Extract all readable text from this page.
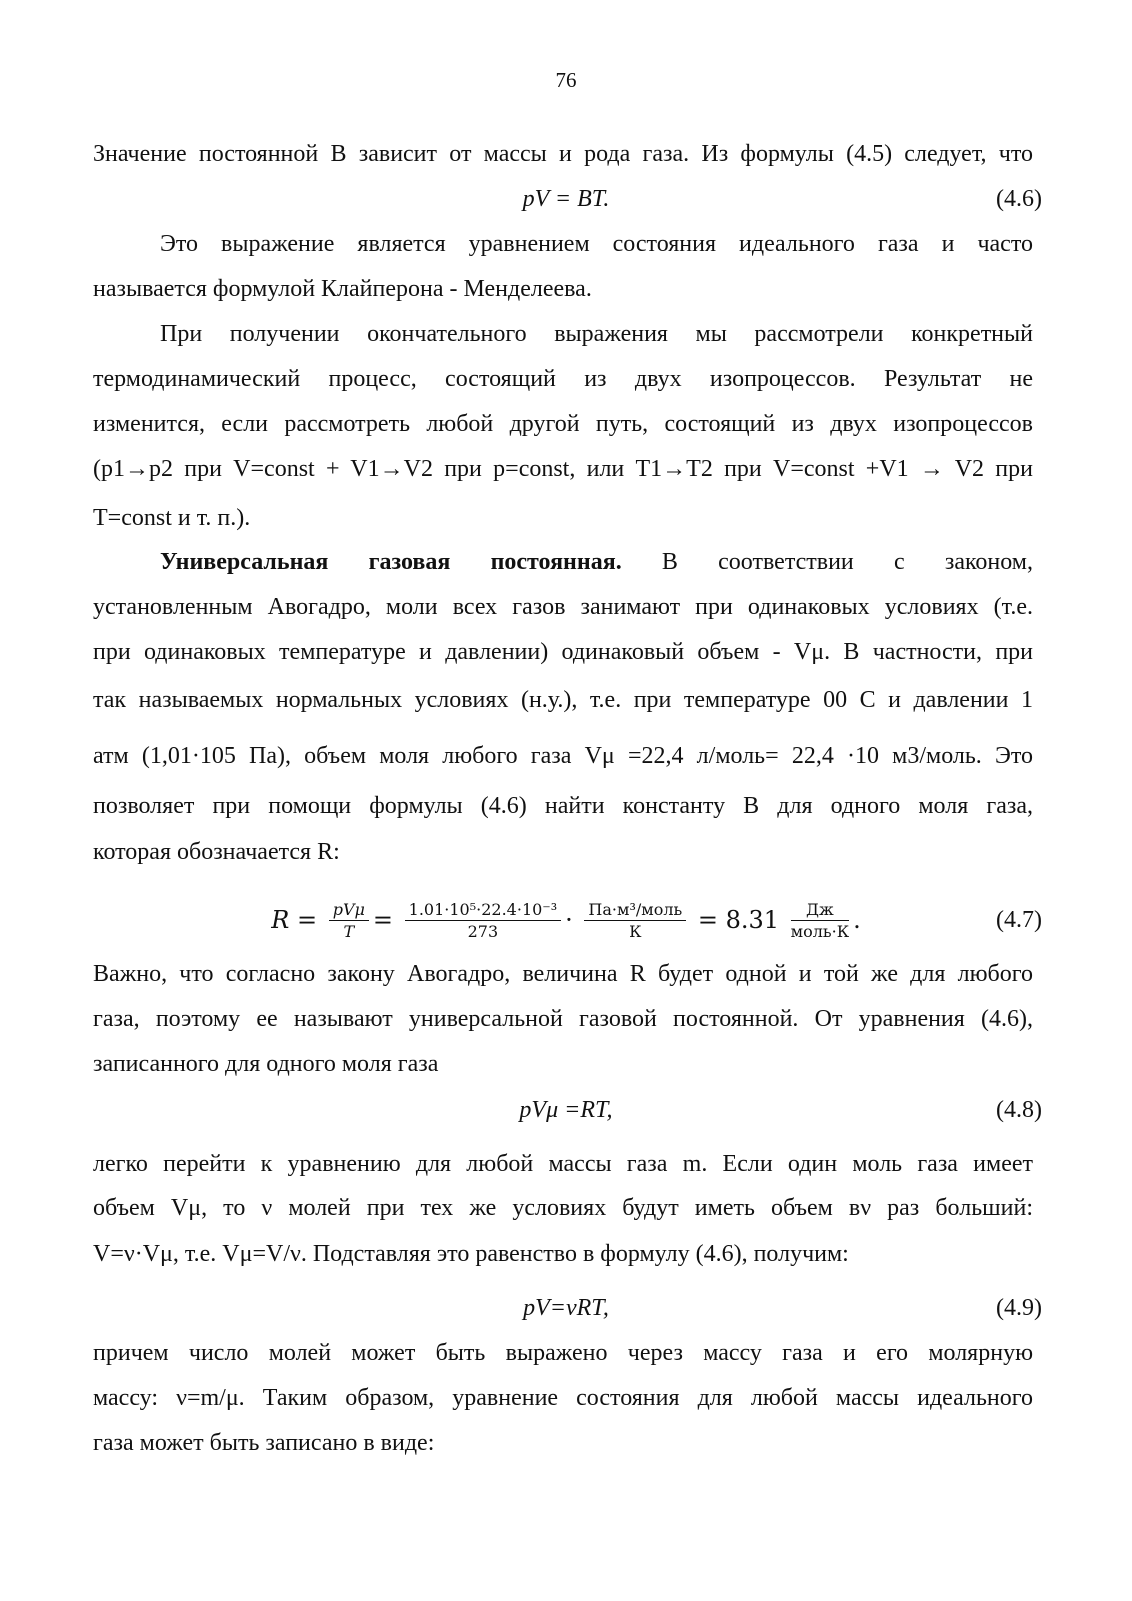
76
Значение постоянной B зависит от массы и рода газа. Из формулы (4.5) следует, что
pV = BT.	(4.6)
Это выражение является уравнением состояния идеального газа и часто
называется формулой Клайперона - Менделеева.
При получении окончательного выражения мы рассмотрели конкретный
термодинамический процесс, состоящий из двух изопроцессов. Результат не
изменится, если рассмотреть любой другой путь, состоящий из двух изопроцессов
(p1→p2 при V=const + V1→V2 при p=const, или T1→T2 при V=const +V1 → V2 при
T=const и т. п.).
Универсальная газовая постоянная. В соответствии с законом,
установленным Авогадро, моли всех газов занимают при одинаковых условиях (т.е.
при одинаковых температуре и давлении) одинаковый объем - Vμ. В частности, при
так называемых нормальных условиях (н.у.), т.е. при температуре 00 C и давлении 1
атм (1,01·105 Па), объем моля любого газа Vμ =22,4 л/моль= 22,4 ·10 м3/моль. Это
позволяет при помощи формулы (4.6) найти константу B для одного моля газа,
которая обозначается R:
$R = \frac{\text{pVμ}}{T} = \frac{\text{1.01·10⁵·22.4·10⁻³}}{273} \cdot \frac{\text{Па·м³/моль}}{К} = 8.31 \frac{Дж}{\text{моль·К}}$ .	(4.7)
Важно, что согласно закону Авогадро, величина R будет одной и той же для любого
газа, поэтому ее называют универсальной газовой постоянной. От уравнения (4.6),
записанного для одного моля газа
pVμ =RT,	(4.8)
легко перейти к уравнению для любой массы газа m. Если один моль газа имеет
объем Vμ, то ν молей при тех же условиях будут иметь объем вν раз больший:
V=ν·Vμ, т.е. Vμ=V/ν. Подставляя это равенство в формулу (4.6), получим:
pV=νRT,	(4.9)
причем число молей может быть выражено через массу газа и его молярную
массу: ν=m/μ. Таким образом, уравнение состояния для любой массы идеального
газа может быть записано в виде:
